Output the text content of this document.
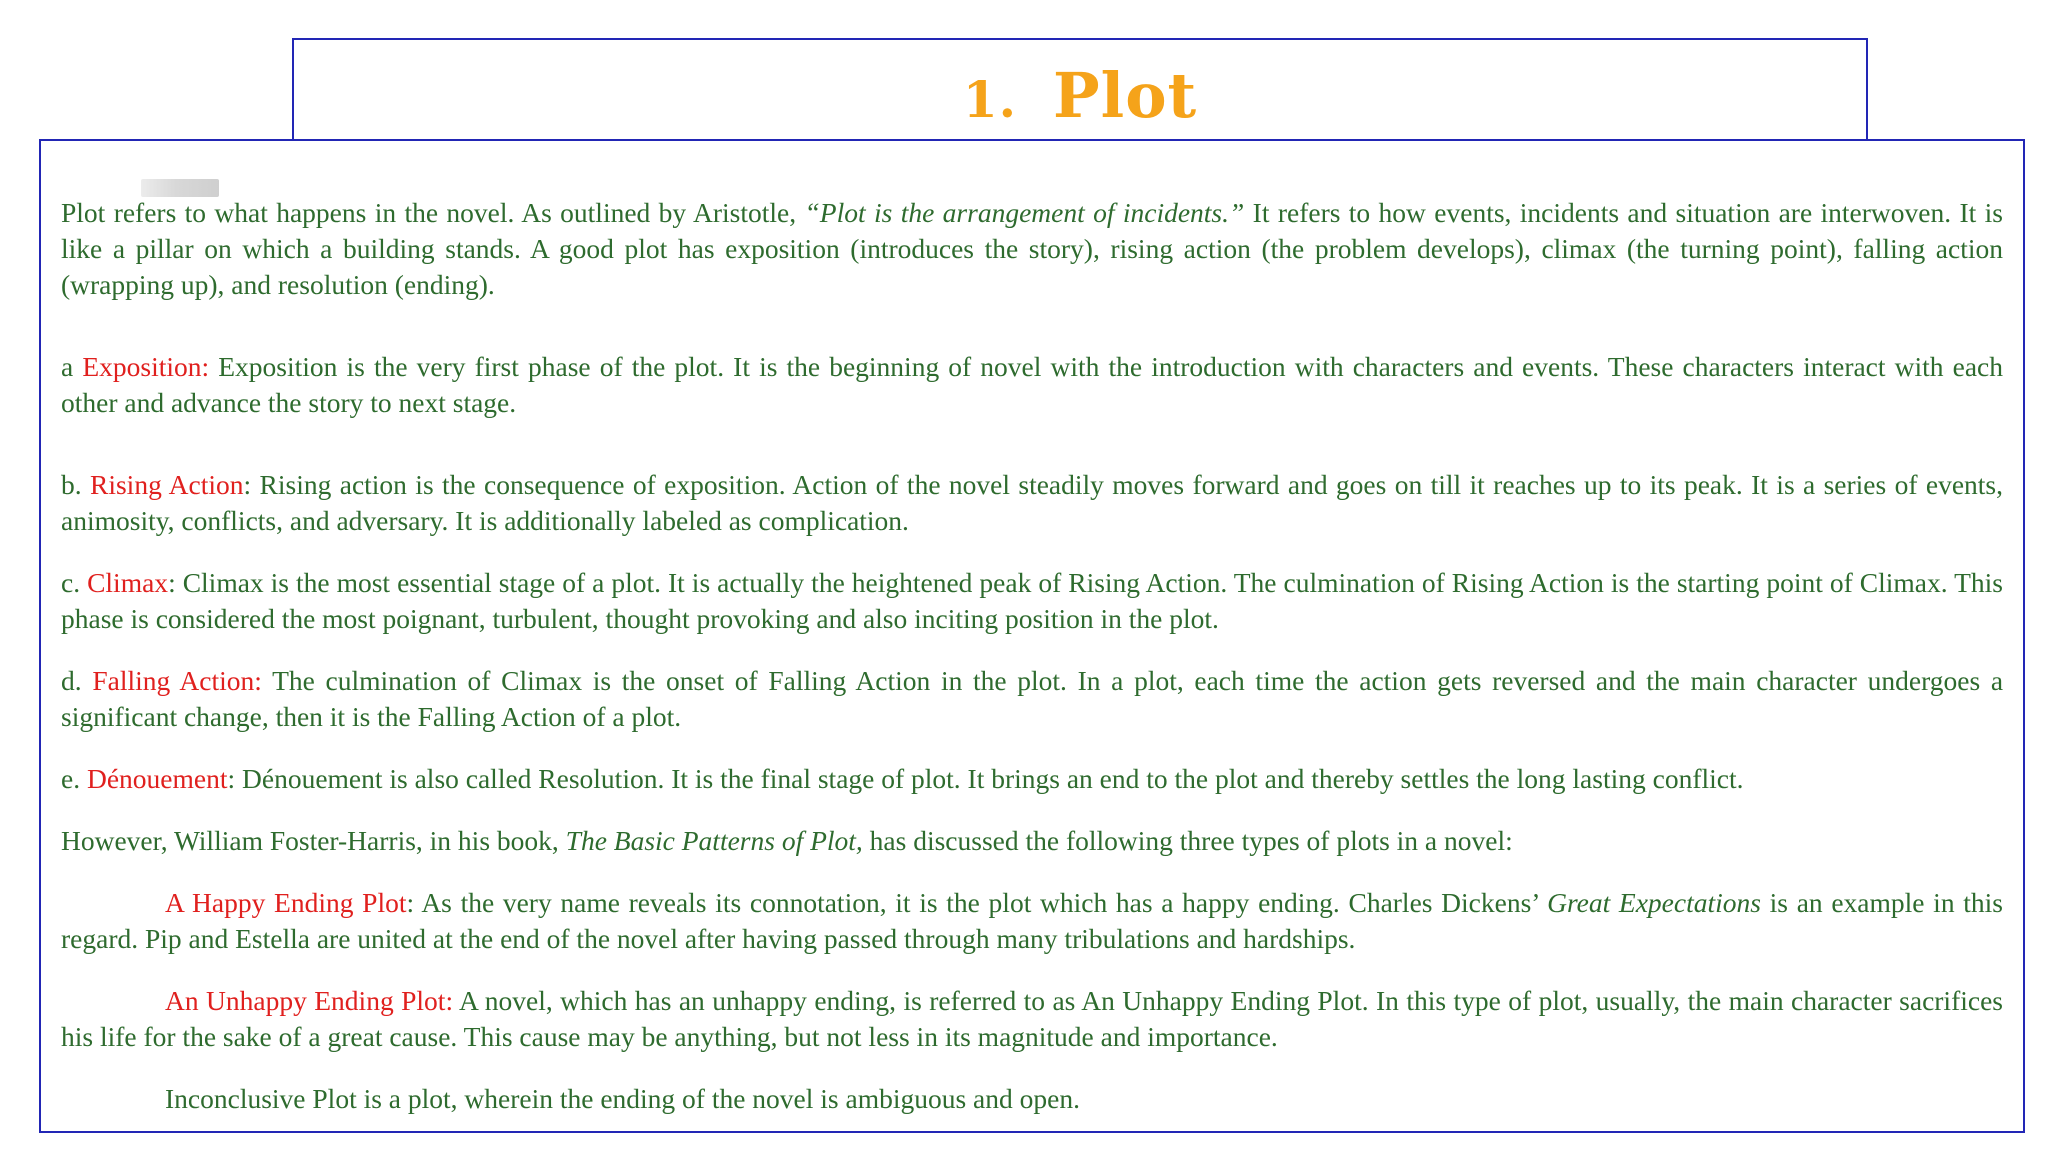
1. Plot

Plot refers to what happens in the novel. As outlined by Aristotle, “Plot is the arrangement of incidents.” It refers to how events, incidents and situation are interwoven. It is like a pillar on which a building stands. A good plot has exposition (introduces the story), rising action (the problem develops), climax (the turning point), falling action (wrapping up), and resolution (ending).

a Exposition: Exposition is the very first phase of the plot. It is the beginning of novel with the introduction with characters and events. These characters interact with each other and advance the story to next stage.

b. Rising Action: Rising action is the consequence of exposition. Action of the novel steadily moves forward and goes on till it reaches up to its peak. It is a series of events, animosity, conflicts, and adversary. It is additionally labeled as complication.

c. Climax: Climax is the most essential stage of a plot. It is actually the heightened peak of Rising Action. The culmination of Rising Action is the starting point of Climax. This phase is considered the most poignant, turbulent, thought provoking and also inciting position in the plot.

d. Falling Action: The culmination of Climax is the onset of Falling Action in the plot. In a plot, each time the action gets reversed and the main character undergoes a significant change, then it is the Falling Action of a plot.

e. Dénouement: Dénouement is also called Resolution. It is the final stage of plot. It brings an end to the plot and thereby settles the long lasting conflict.

However, William Foster-Harris, in his book, The Basic Patterns of Plot, has discussed the following three types of plots in a novel:

A Happy Ending Plot: As the very name reveals its connotation, it is the plot which has a happy ending. Charles Dickens’ Great Expectations is an example in this regard. Pip and Estella are united at the end of the novel after having passed through many tribulations and hardships.

An Unhappy Ending Plot: A novel, which has an unhappy ending, is referred to as An Unhappy Ending Plot. In this type of plot, usually, the main character sacrifices his life for the sake of a great cause. This cause may be anything, but not less in its magnitude and importance.

Inconclusive Plot is a plot, wherein the ending of the novel is ambiguous and open.
